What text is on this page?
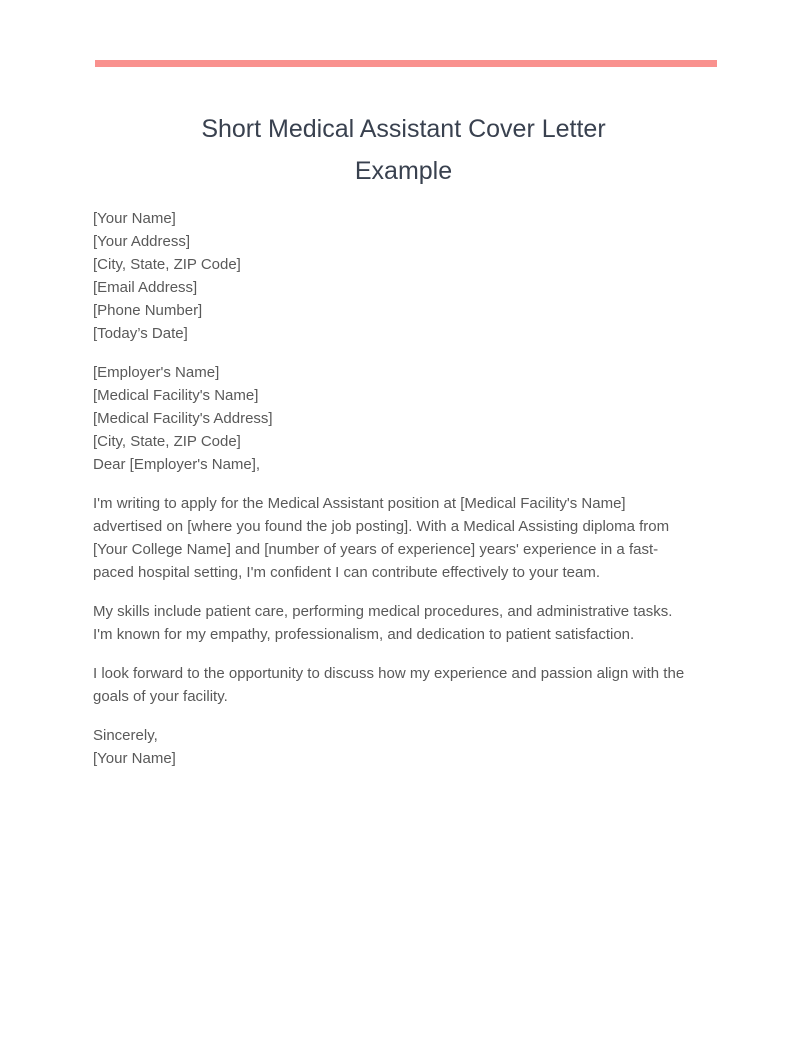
Short Medical Assistant Cover Letter
Example
[Your Name]
[Your Address]
[City, State, ZIP Code]
[Email Address]
[Phone Number]
[Today’s Date]
[Employer's Name]
[Medical Facility's Name]
[Medical Facility's Address]
[City, State, ZIP Code]
Dear [Employer's Name],

I'm writing to apply for the Medical Assistant position at [Medical Facility's Name] advertised on [where you found the job posting]. With a Medical Assisting diploma from [Your College Name] and [number of years of experience] years' experience in a fast-paced hospital setting, I'm confident I can contribute effectively to your team.

My skills include patient care, performing medical procedures, and administrative tasks. I'm known for my empathy, professionalism, and dedication to patient satisfaction.

I look forward to the opportunity to discuss how my experience and passion align with the goals of your facility.

Sincerely,
[Your Name]
